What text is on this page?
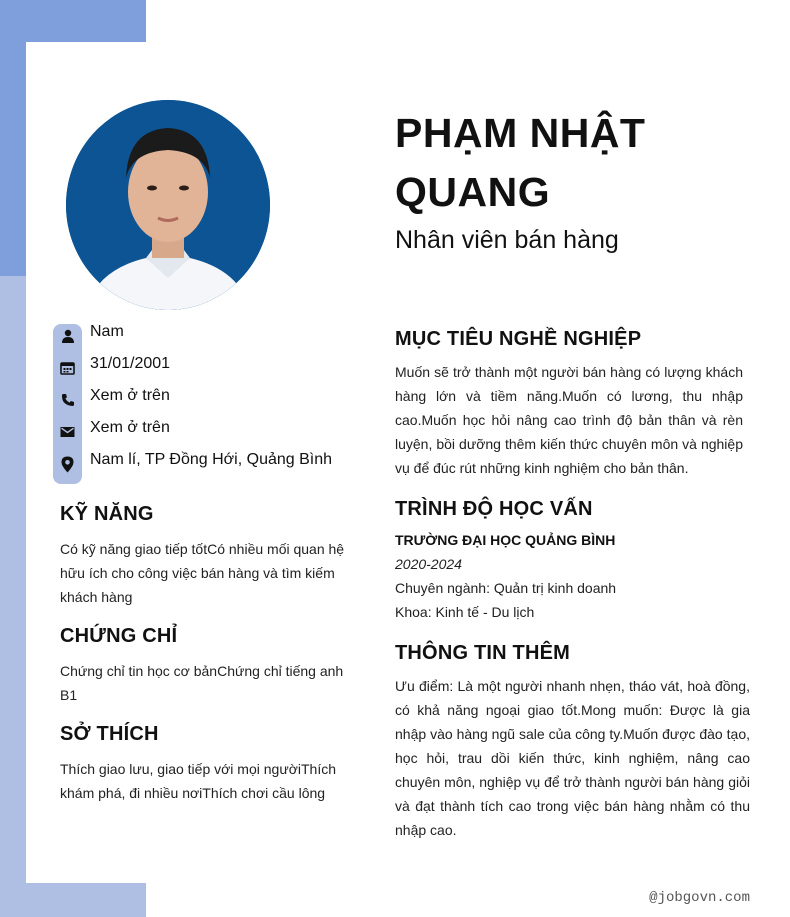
PHẠM NHẬT
QUANG
Nhân viên bán hàng
Nam
31/01/2001
Xem ở trên
Xem ở trên
Nam lí, TP Đồng Hới, Quảng Bình
KỸ NĂNG
Có kỹ năng giao tiếp tốtCó nhiều mối quan hệ hữu ích cho công việc bán hàng và tìm kiếm khách hàng
CHỨNG CHỈ
Chứng chỉ tin học cơ bảnChứng chỉ tiếng anh B1
SỞ THÍCH
Thích giao lưu, giao tiếp với mọi ngườiThích khám phá, đi nhiều nơiThích chơi cầu lông
MỤC TIÊU NGHỀ NGHIỆP
Muốn sẽ trở thành một người bán hàng có lượng khách hàng lớn và tiềm năng.Muốn có lương, thu nhập cao.Muốn học hỏi nâng cao trình độ bản thân và rèn luyện, bồi dưỡng thêm kiến thức chuyên môn và nghiệp vụ để đúc rút những kinh nghiệm cho bản thân.
TRÌNH ĐỘ HỌC VẤN
TRƯỜNG ĐẠI HỌC QUẢNG BÌNH
2020-2024
Chuyên ngành: Quản trị kinh doanh
Khoa: Kinh tế - Du lịch
THÔNG TIN THÊM
Ưu điểm: Là một người nhanh nhẹn, tháo vát, hoà đồng, có khả năng ngoại giao tốt.Mong muốn: Được là gia nhập vào hàng ngũ sale của công ty.Muốn được đào tạo, học hỏi, trau dồi kiến thức, kinh nghiệm, nâng cao chuyên môn, nghiệp vụ để trở thành người bán hàng giỏi và đạt thành tích cao trong việc bán hàng nhằm có thu nhập cao.
@jobgovn.com
